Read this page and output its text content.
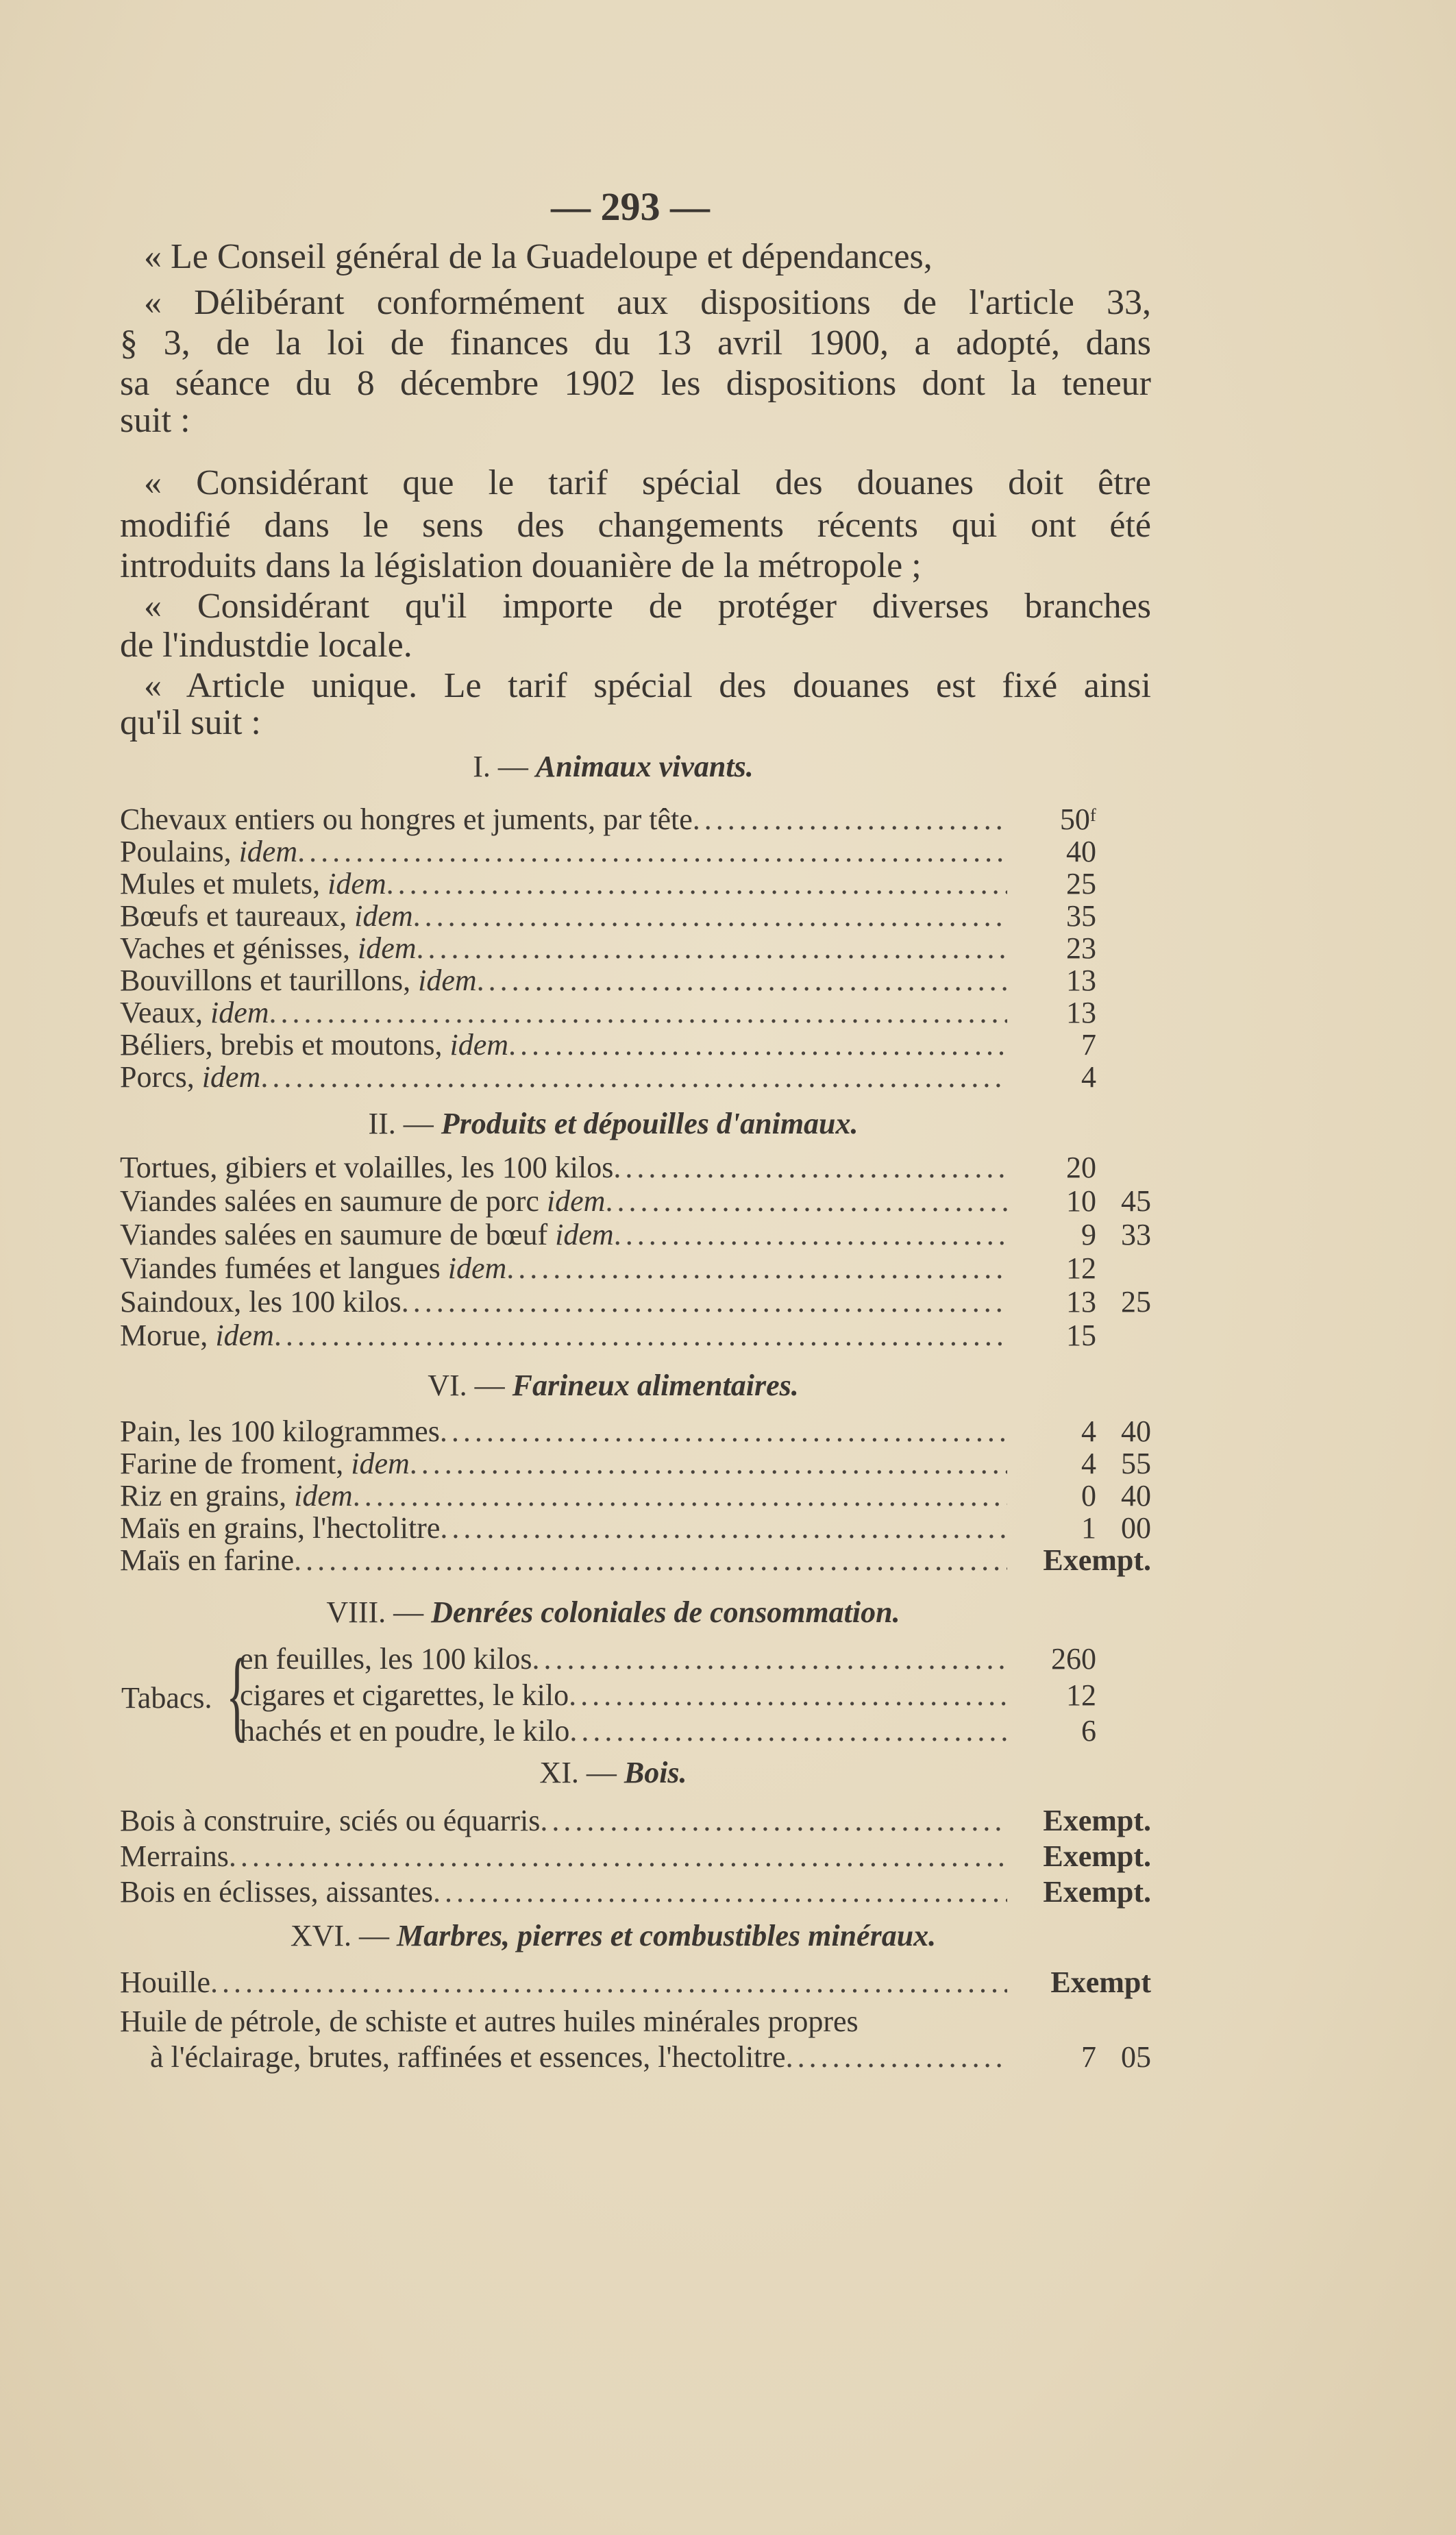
— 293 —
« Le Conseil général de la Guadeloupe et dépendances,
« Délibérant conformément aux dispositions de l'article 33,
§ 3, de la loi de finances du 13 avril 1900, a adopté, dans
sa séance du 8 décembre 1902 les dispositions dont la teneur
suit :
« Considérant que le tarif spécial des douanes doit être
modifié dans le sens des changements récents qui ont été
introduits dans la législation douanière de la métropole ;
« Considérant qu'il importe de protéger diverses branches
de l'industdie locale.
« Article unique. Le tarif spécial des douanes est fixé ainsi
qu'il suit :
I. — Animaux vivants.
Chevaux entiers ou hongres et juments, par tête .....	50ᶠ
Poulains, idem .....	40
Mules et mulets, idem .....	25
Bœufs et taureaux, idem .....	35
Vaches et génisses, idem .....	23
Bouvillons et taurillons, idem .....	13
Veaux, idem .....	13
Béliers, brebis et moutons, idem .....	7
Porcs, idem .....	4
II. — Produits et dépouilles d'animaux.
Tortues, gibiers et volailles, les 100 kilos .....	20
Viandes salées en saumure de porc idem .....	10 45
Viandes salées en saumure de bœuf idem .....	9 33
Viandes fumées et langues idem .....	12
Saindoux, les 100 kilos .....	13 25
Morue, idem .....	15
VI. — Farineux alimentaires.
Pain, les 100 kilogrammes .....	4 40
Farine de froment, idem .....	4 55
Riz en grains, idem .....	0 40
Maïs en grains, l'hectolitre .....	1 00
Maïs en farine .....	Exempt.
VIII. — Denrées coloniales de consommation.
Tabacs. {
en feuilles, les 100 kilos .....	260
cigares et cigarettes, le kilo .....	12
hachés et en poudre, le kilo .....	6
XI. — Bois.
Bois à construire, sciés ou équarris .....	Exempt.
Merrains .....	Exempt.
Bois en éclisses, aissantes .....	Exempt.
XVI. — Marbres, pierres et combustibles minéraux.
Houille .....	Exempt
Huile de pétrole, de schiste et autres huiles minérales propres
à l'éclairage, brutes, raffinées et essences, l'hectolitre .....	7 05
